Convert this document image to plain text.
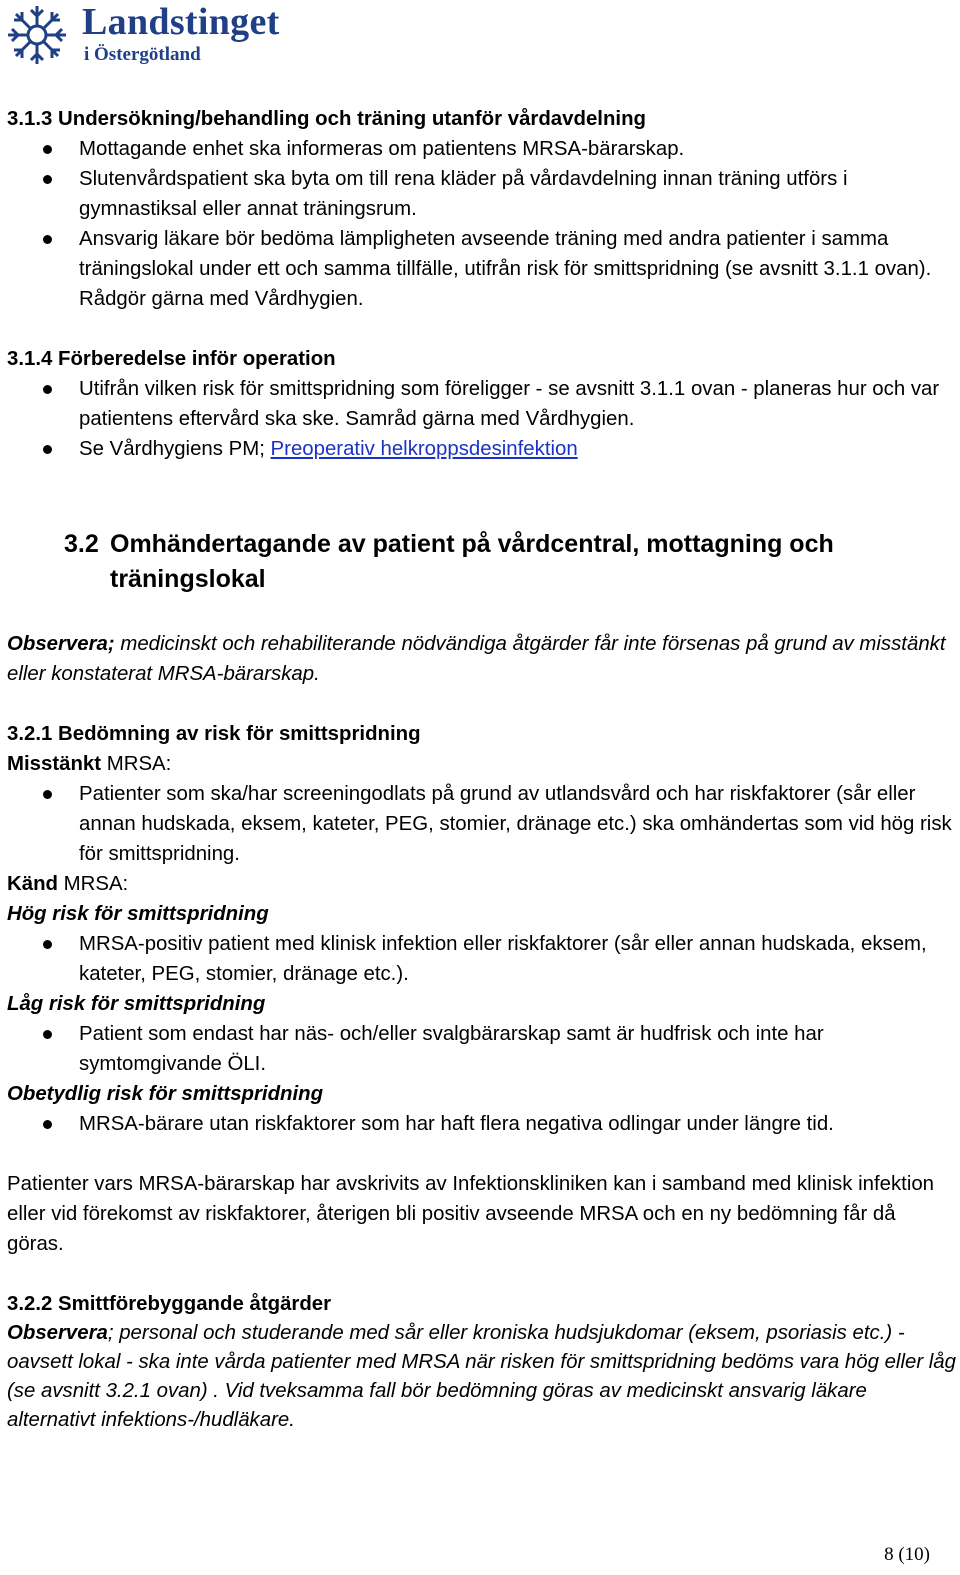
Landstinget
i Östergötland

3.1.3 Undersökning/behandling och träning utanför vårdavdelning

Mottagande enhet ska informeras om patientens MRSA-bärarskap.
Slutenvårdspatient ska byta om till rena kläder på vårdavdelning innan träning utförs i gymnastiksal eller annat träningsrum.
Ansvarig läkare bör bedöma lämpligheten avseende träning med andra patienter i samma träningslokal under ett och samma tillfälle, utifrån risk för smittspridning (se avsnitt 3.1.1 ovan). Rådgör gärna med Vårdhygien.

3.1.4 Förberedelse inför operation

Utifrån vilken risk för smittspridning som föreligger - se avsnitt 3.1.1 ovan - planeras hur och var patientens eftervård ska ske. Samråd gärna med Vårdhygien.
Se Vårdhygiens PM; Preoperativ helkroppsdesinfektion
3.2 Omhändertagande av patient på vårdcentral, mottagning och
träningslokal

Observera; medicinskt och rehabiliterande nödvändiga åtgärder får inte försenas på grund av misstänkt eller konstaterat MRSA-bärarskap.

3.2.1 Bedömning av risk för smittspridning

Misstänkt MRSA:

Patienter som ska/har screeningodlats på grund av utlandsvård och har riskfaktorer (sår eller annan hudskada, eksem, kateter, PEG, stomier, dränage etc.) ska omhändertas som vid hög risk för smittspridning.

Känd MRSA:

Hög risk för smittspridning

MRSA-positiv patient med klinisk infektion eller riskfaktorer (sår eller annan hudskada, eksem, kateter, PEG, stomier, dränage etc.).

Låg risk för smittspridning

Patient som endast har näs- och/eller svalgbärarskap samt är hudfrisk och inte har symtomgivande ÖLI.

Obetydlig risk för smittspridning

MRSA-bärare utan riskfaktorer som har haft flera negativa odlingar under längre tid.

Patienter vars MRSA-bärarskap har avskrivits av Infektionskliniken kan i samband med klinisk infektion eller vid förekomst av riskfaktorer, återigen bli positiv avseende MRSA och en ny bedömning får då göras.

3.2.2 Smittförebyggande åtgärder

Observera; personal och studerande med sår eller kroniska hudsjukdomar (eksem, psoriasis etc.) - oavsett lokal - ska inte vårda patienter med MRSA när risken för smittspridning bedöms vara hög eller låg (se avsnitt 3.2.1 ovan) . Vid tveksamma fall bör bedömning göras av medicinskt ansvarig läkare alternativt infektions-/hudläkare.

8 (10)
